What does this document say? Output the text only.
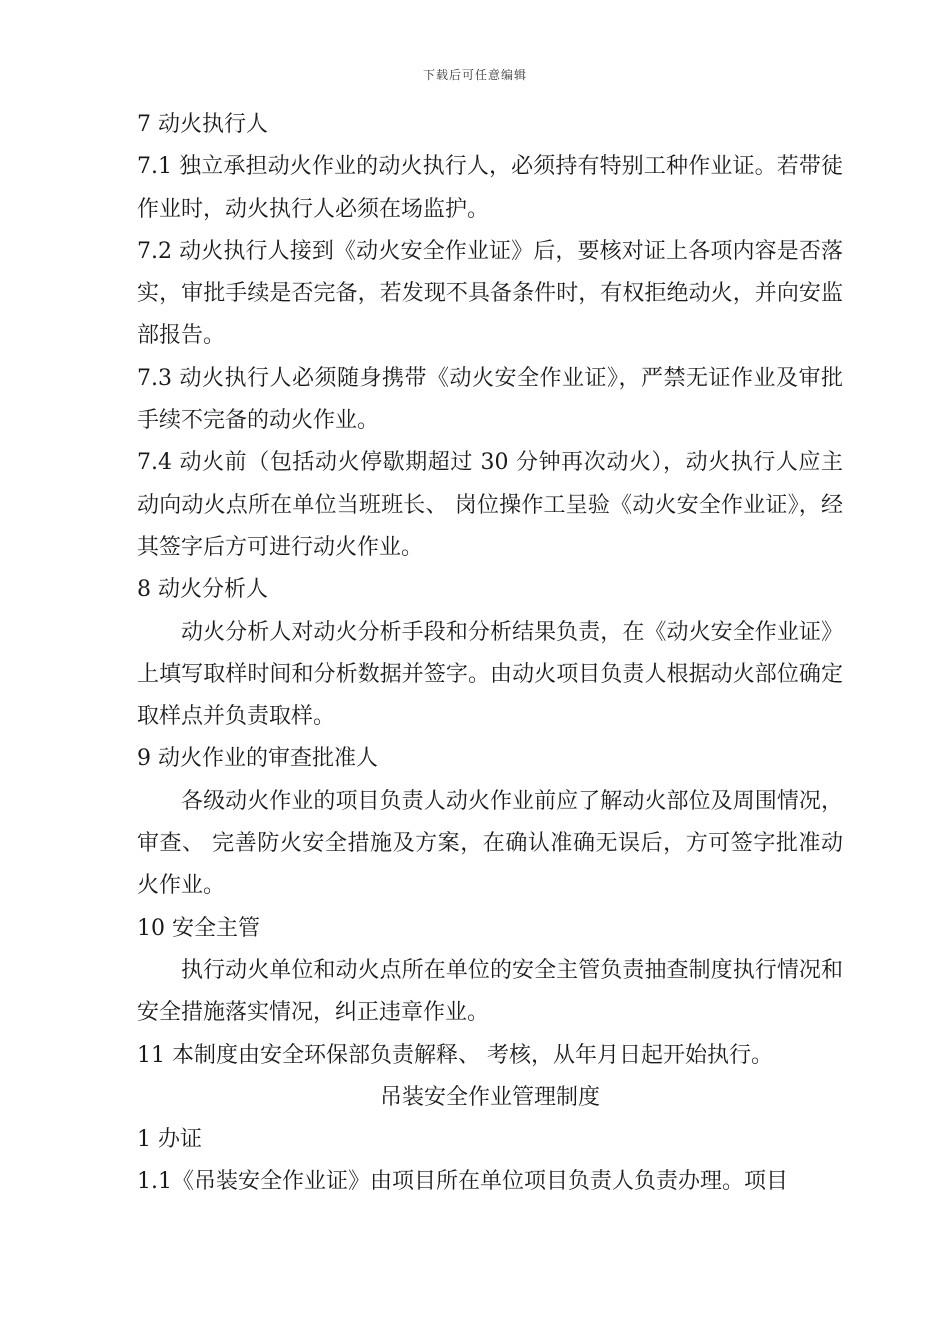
下载后可任意编辑

7 动火执行人

7.1 独立承担动火作业的动火执行人，必须持有特别工种作业证。若带徒作业时，动火执行人必须在场监护。

7.2 动火执行人接到《动火安全作业证》后，要核对证上各项内容是否落实，审批手续是否完备，若发现不具备条件时，有权拒绝动火，并向安监部报告。

7.3 动火执行人必须随身携带《动火安全作业证》，严禁无证作业及审批手续不完备的动火作业。

7.4 动火前（包括动火停歇期超过 30 分钟再次动火），动火执行人应主动向动火点所在单位当班班长、 岗位操作工呈验《动火安全作业证》，经其签字后方可进行动火作业。

8 动火分析人

动火分析人对动火分析手段和分析结果负责，在《动火安全作业证》上填写取样时间和分析数据并签字。由动火项目负责人根据动火部位确定取样点并负责取样。

9 动火作业的审查批准人

各级动火作业的项目负责人动火作业前应了解动火部位及周围情况，审查、 完善防火安全措施及方案，在确认准确无误后，方可签字批准动火作业。

10 安全主管

执行动火单位和动火点所在单位的安全主管负责抽查制度执行情况和安全措施落实情况，纠正违章作业。

11 本制度由安全环保部负责解释、 考核，从年月日起开始执行。

吊装安全作业管理制度

1 办证

1.1《吊装安全作业证》由项目所在单位项目负责人负责办理。项目
